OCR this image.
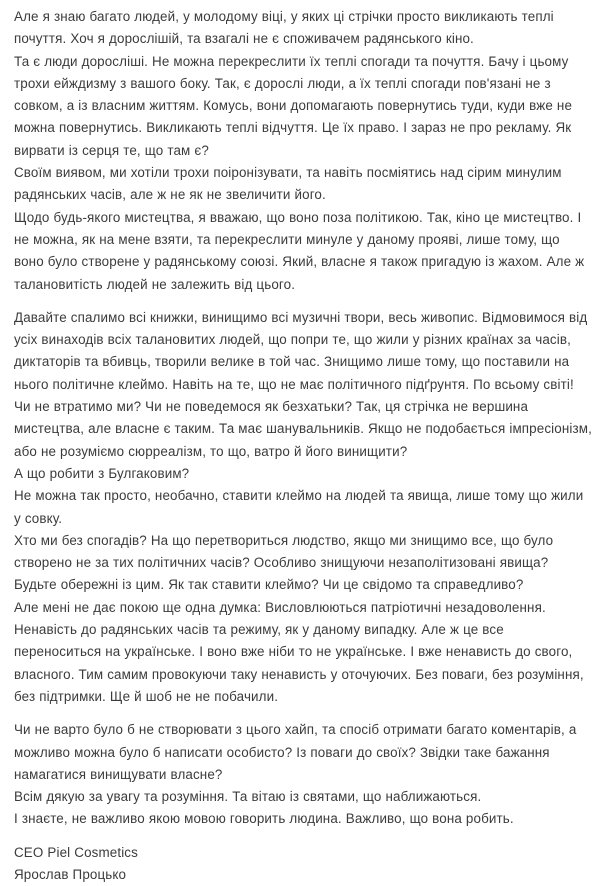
Але я знаю багато людей, у молодому віці, у яких ці стрічки просто викликають теплі почуття. Хоч я дорослішій, та взагалі не є споживачем радянського кіно.
Та є люди дорослішi. Не можна перекреслити їх теплі спогади та почуття. Бачу і цьому трохи ейждизму з вашого боку. Так, є дорослі люди, а їх теплі спогади пов'язані не з совком, а із власним життям. Комусь, вони допомагають повернутись туди, куди вже не можна повернутись. Викликають теплі відчуття. Це їх право. І зараз не про рекламу. Як вирвати із серця те, що там є?
Своїм виявом, ми хотіли трохи поіронізувати, та навіть посміятись над сірим минулим радянських часів, але ж не як не звеличити його.
Щодо будь-якого мистецтва, я вважаю, що воно поза політикою. Так, кіно це мистецтво. І не можна, як на мене взяти, та перекреслити минуле у даному прояві, лише тому, що воно було створене у радянському союзі. Який, власне я також пригадую із жахом. Але ж талановитість людей не залежить від цього.

Давайте спалимо всі книжки, винищимо всі музичні твори, весь живопис. Відмовимося від усіх винаходів всіх талановитих людей, що попри те, що жили у різних країнах за часів, диктаторів та вбивць, творили велике в той час. Знищимо лише тому, що поставили на нього політичне клеймо. Навіть на те, що не має політичного підґрунтя. По всьому світі! Чи не втратимо ми? Чи не поведемося як безхатьки? Так, ця стрічка не вершина мистецтва, але власне є таким. Та має шанувальників. Якщо не подобається імпресіонізм, або не розуміємо сюрреалізм, то що, ватро й його винищити?
А що робити з Булгаковим?
Не можна так просто, необачно, ставити клеймо на людей та явища, лише тому що жили у совку.
Хто ми без спогадів? На що перетвориться людство, якщо ми знищимо все, що було створено не за тих політичних часів? Особливо знищуючи незаполітизовані явища? Будьте обережні із цим. Як так ставити клеймо? Чи це свідомо та справедливо?
Але мені не дає покою ще одна думка: Висловлюються патріотичні незадоволення.
Ненавість до радянських часів та режиму, як у даному випадку. Але ж це все переноситься на українське. І воно вже ніби то не українське. І вже ненависть до свого, власного. Тим самим провокуючи таку ненависть у оточуючих. Без поваги, без розуміння, без підтримки. Ще й шоб не не побачили.

Чи не варто було б не створювати з цього хайп, та спосіб отримати багато коментарів, а можливо можна було б написати особисто? Із поваги до своїх? Звідки таке бажання намагатися винищувати власне?
Всім дякую за увагу та розуміння. Та вітаю із святами, що наближаються.
І знаєте, не важливо якою мовою говорить людина. Важливо, що вона робить.

CEO Piel Cosmetics
Ярослав Процько
